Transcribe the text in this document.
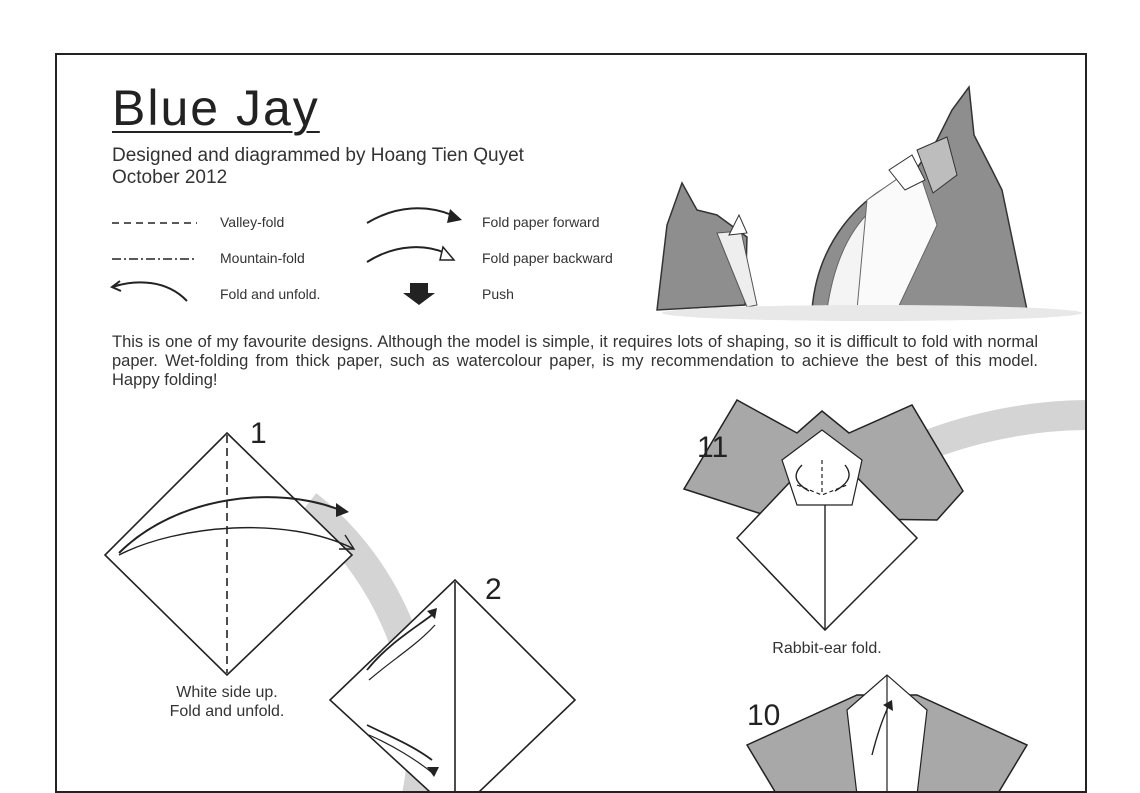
Blue Jay
Designed and diagrammed by Hoang Tien Quyet
October 2012
Valley-fold
Mountain-fold
Fold and unfold.
Fold paper forward
Fold paper backward
Push
This is one of my favourite designs. Although the model is simple, it requires lots of shaping, so it is difficult to fold with normal paper. Wet-folding from thick paper, such as watercolour paper, is my recommendation to achieve the best of this model. Happy folding!
1
White side up.
Fold and unfold.
2
11
Rabbit-ear fold.
10
